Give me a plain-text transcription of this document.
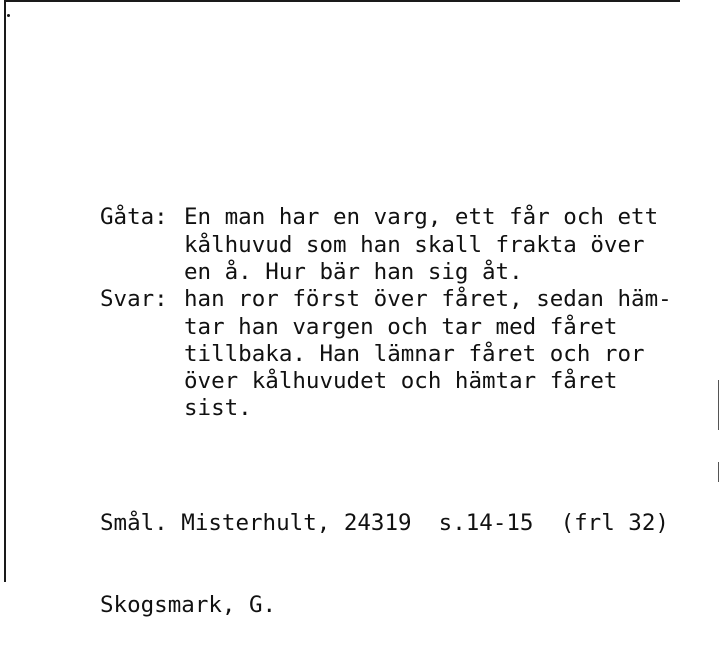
Gåta: En man har en varg, ett får och ett
kålhuvud som han skall frakta över
en å. Hur bär han sig åt.

Svar: han ror först över fåret, sedan häm-
tar han vargen och tar med fåret
tillbaka. Han lämnar fåret och ror
över kålhuvudet och hämtar fåret
sist.

Smål. Misterhult, 24319 s.14-15 (frl 32)

Skogsmark, G.
